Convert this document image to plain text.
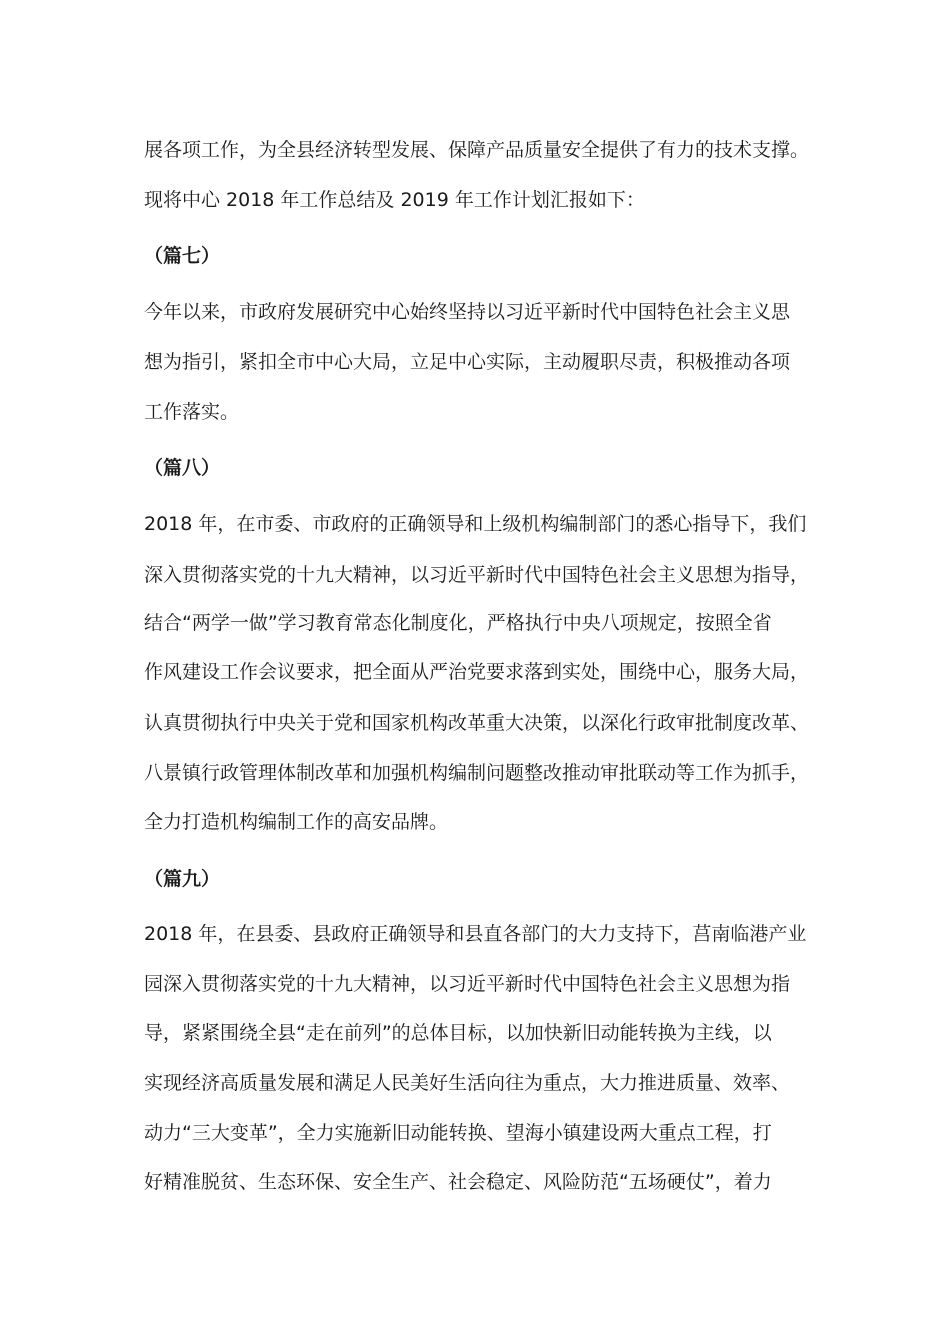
展各项工作，为全县经济转型发展、保障产品质量安全提供了有力的技术支撑。
现将中心 2018 年工作总结及 2019 年工作计划汇报如下：
（篇七）
今年以来，市政府发展研究中心始终坚持以习近平新时代中国特色社会主义思
想为指引，紧扣全市中心大局，立足中心实际，主动履职尽责，积极推动各项
工作落实。
（篇八）
2018 年，在市委、市政府的正确领导和上级机构编制部门的悉心指导下，我们
深入贯彻落实党的十九大精神，以习近平新时代中国特色社会主义思想为指导，
结合“两学一做”学习教育常态化制度化，严格执行中央八项规定，按照全省
作风建设工作会议要求，把全面从严治党要求落到实处，围绕中心，服务大局，
认真贯彻执行中央关于党和国家机构改革重大决策，以深化行政审批制度改革、
八景镇行政管理体制改革和加强机构编制问题整改推动审批联动等工作为抓手，
全力打造机构编制工作的高安品牌。
（篇九）
2018 年，在县委、县政府正确领导和县直各部门的大力支持下，莒南临港产业
园深入贯彻落实党的十九大精神，以习近平新时代中国特色社会主义思想为指
导，紧紧围绕全县“走在前列”的总体目标，以加快新旧动能转换为主线，以
实现经济高质量发展和满足人民美好生活向往为重点，大力推进质量、效率、
动力“三大变革”，全力实施新旧动能转换、望海小镇建设两大重点工程，打
好精准脱贫、生态环保、安全生产、社会稳定、风险防范“五场硬仗”，着力
